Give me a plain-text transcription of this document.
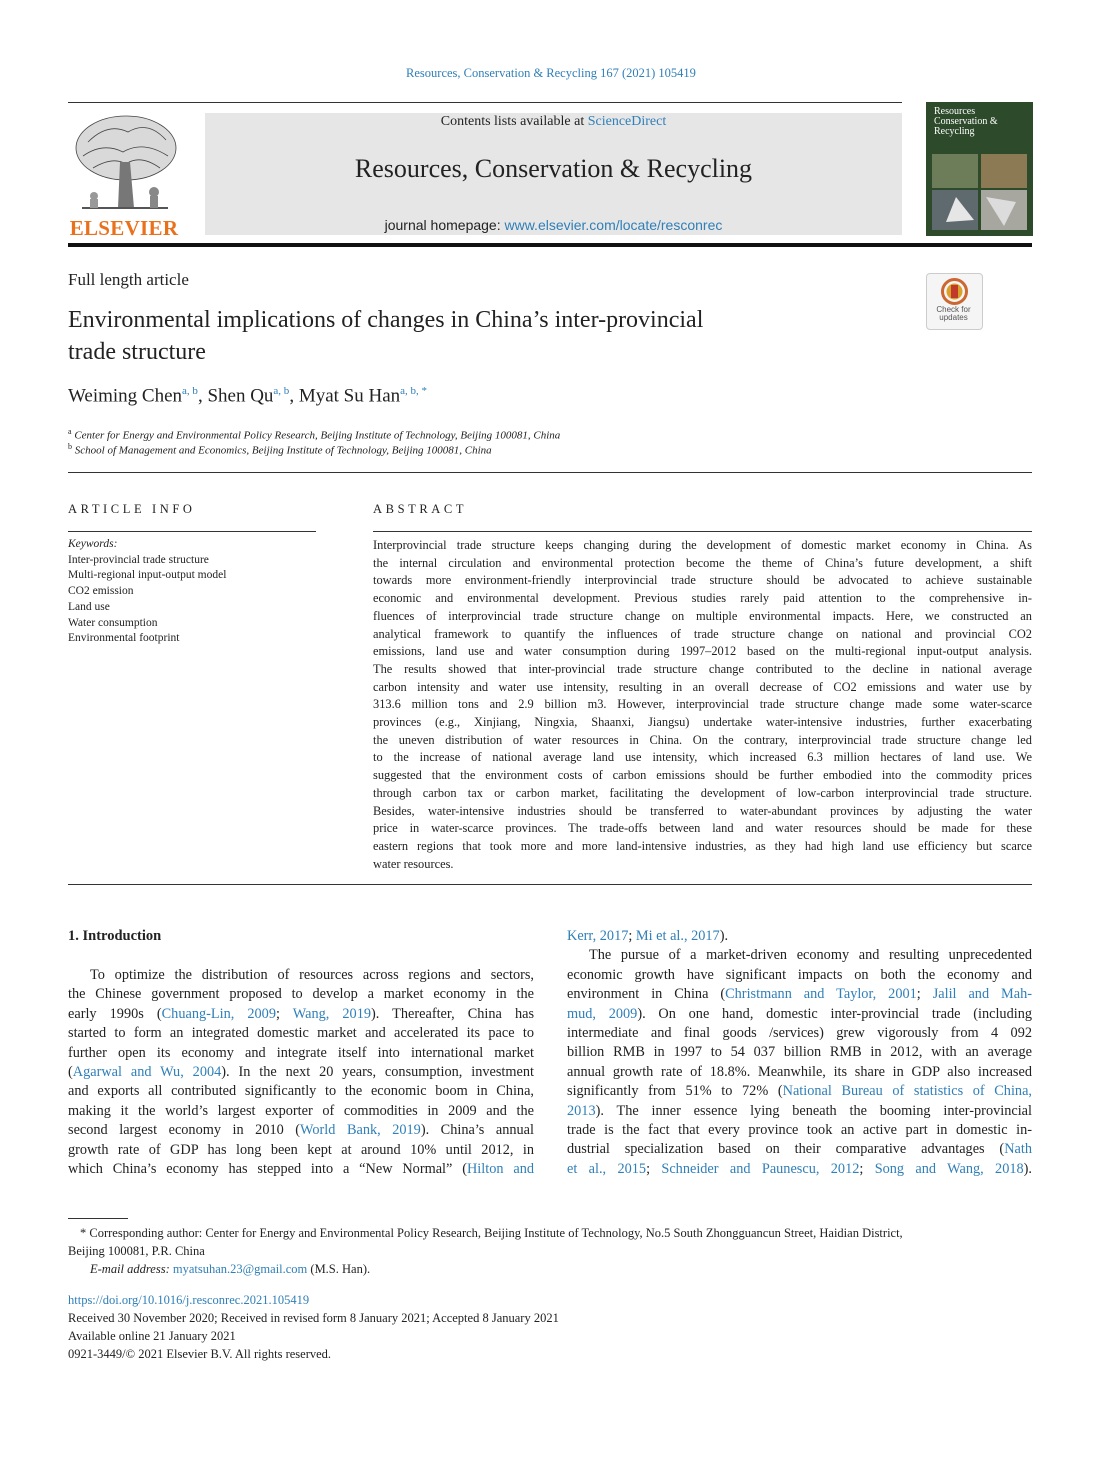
Resources, Conservation & Recycling 167 (2021) 105419
ELSEVIER
Contents lists available at ScienceDirect
Resources, Conservation & Recycling
journal homepage: www.elsevier.com/locate/resconrec
Resources Conservation & Recycling
Full length article
Environmental implications of changes in China’s inter-provincial
trade structure
Check for updates
Weiming Chen$^{a, b}$, Shen Qu$^{a, b}$, Myat Su Han$^{a, b, *}$
$^a$ Center for Energy and Environmental Policy Research, Beijing Institute of Technology, Beijing 100081, China
$^b$ School of Management and Economics, Beijing Institute of Technology, Beijing 100081, China
ARTICLE INFO
Keywords:
Inter-provincial trade structure
Multi-regional input-output model
CO2 emission
Land use
Water consumption
Environmental footprint
ABSTRACT
Interprovincial trade structure keeps changing during the development of domestic market economy in China. As
the internal circulation and environmental protection become the theme of China’s future development, a shift
towards more environment-friendly interprovincial trade structure should be advocated to achieve sustainable
economic and environmental development. Previous studies rarely paid attention to the comprehensive in-
fluences of interprovincial trade structure change on multiple environmental impacts. Here, we constructed an
analytical framework to quantify the influences of trade structure change on national and provincial CO2
emissions, land use and water consumption during 1997–2012 based on the multi-regional input-output analysis.
The results showed that inter-provincial trade structure change contributed to the decline in national average
carbon intensity and water use intensity, resulting in an overall decrease of CO2 emissions and water use by
313.6 million tons and 2.9 billion m3. However, interprovincial trade structure change made some water-scarce
provinces (e.g., Xinjiang, Ningxia, Shaanxi, Jiangsu) undertake water-intensive industries, further exacerbating
the uneven distribution of water resources in China. On the contrary, interprovincial trade structure change led
to the increase of national average land use intensity, which increased 6.3 million hectares of land use. We
suggested that the environment costs of carbon emissions should be further embodied into the commodity prices
through carbon tax or carbon market, facilitating the development of low-carbon interprovincial trade structure.
Besides, water-intensive industries should be transferred to water-abundant provinces by adjusting the water
price in water-scarce provinces. The trade-offs between land and water resources should be made for these
eastern regions that took more and more land-intensive industries, as they had high land use efficiency but scarce
water resources.
1. Introduction
To optimize the distribution of resources across regions and sectors,
the Chinese government proposed to develop a market economy in the
early 1990s (Chuang-Lin, 2009; Wang, 2019). Thereafter, China has
started to form an integrated domestic market and accelerated its pace to
further open its economy and integrate itself into international market
(Agarwal and Wu, 2004). In the next 20 years, consumption, investment
and exports all contributed significantly to the economic boom in China,
making it the world’s largest exporter of commodities in 2009 and the
second largest economy in 2010 (World Bank, 2019). China’s annual
growth rate of GDP has long been kept at around 10% until 2012, in
which China’s economy has stepped into a “New Normal” (Hilton and
Kerr, 2017; Mi et al., 2017).
The pursue of a market-driven economy and resulting unprecedented
economic growth have significant impacts on both the economy and
environment in China (Christmann and Taylor, 2001; Jalil and Mah-
mud, 2009). On one hand, domestic inter-provincial trade (including
intermediate and final goods /services) grew vigorously from 4 092
billion RMB in 1997 to 54 037 billion RMB in 2012, with an average
annual growth rate of 18.8%. Meanwhile, its share in GDP also increased
significantly from 51% to 72% (National Bureau of statistics of China,
2013). The inner essence lying beneath the booming inter-provincial
trade is the fact that every province took an active part in domestic in-
dustrial specialization based on their comparative advantages (Nath
et al., 2015; Schneider and Paunescu, 2012; Song and Wang, 2018).
* Corresponding author: Center for Energy and Environmental Policy Research, Beijing Institute of Technology, No.5 South Zhongguancun Street, Haidian District,
Beijing 100081, P.R. China
E-mail address: myatsuhan.23@gmail.com (M.S. Han).
https://doi.org/10.1016/j.resconrec.2021.105419
Received 30 November 2020; Received in revised form 8 January 2021; Accepted 8 January 2021
Available online 21 January 2021
0921-3449/© 2021 Elsevier B.V. All rights reserved.
